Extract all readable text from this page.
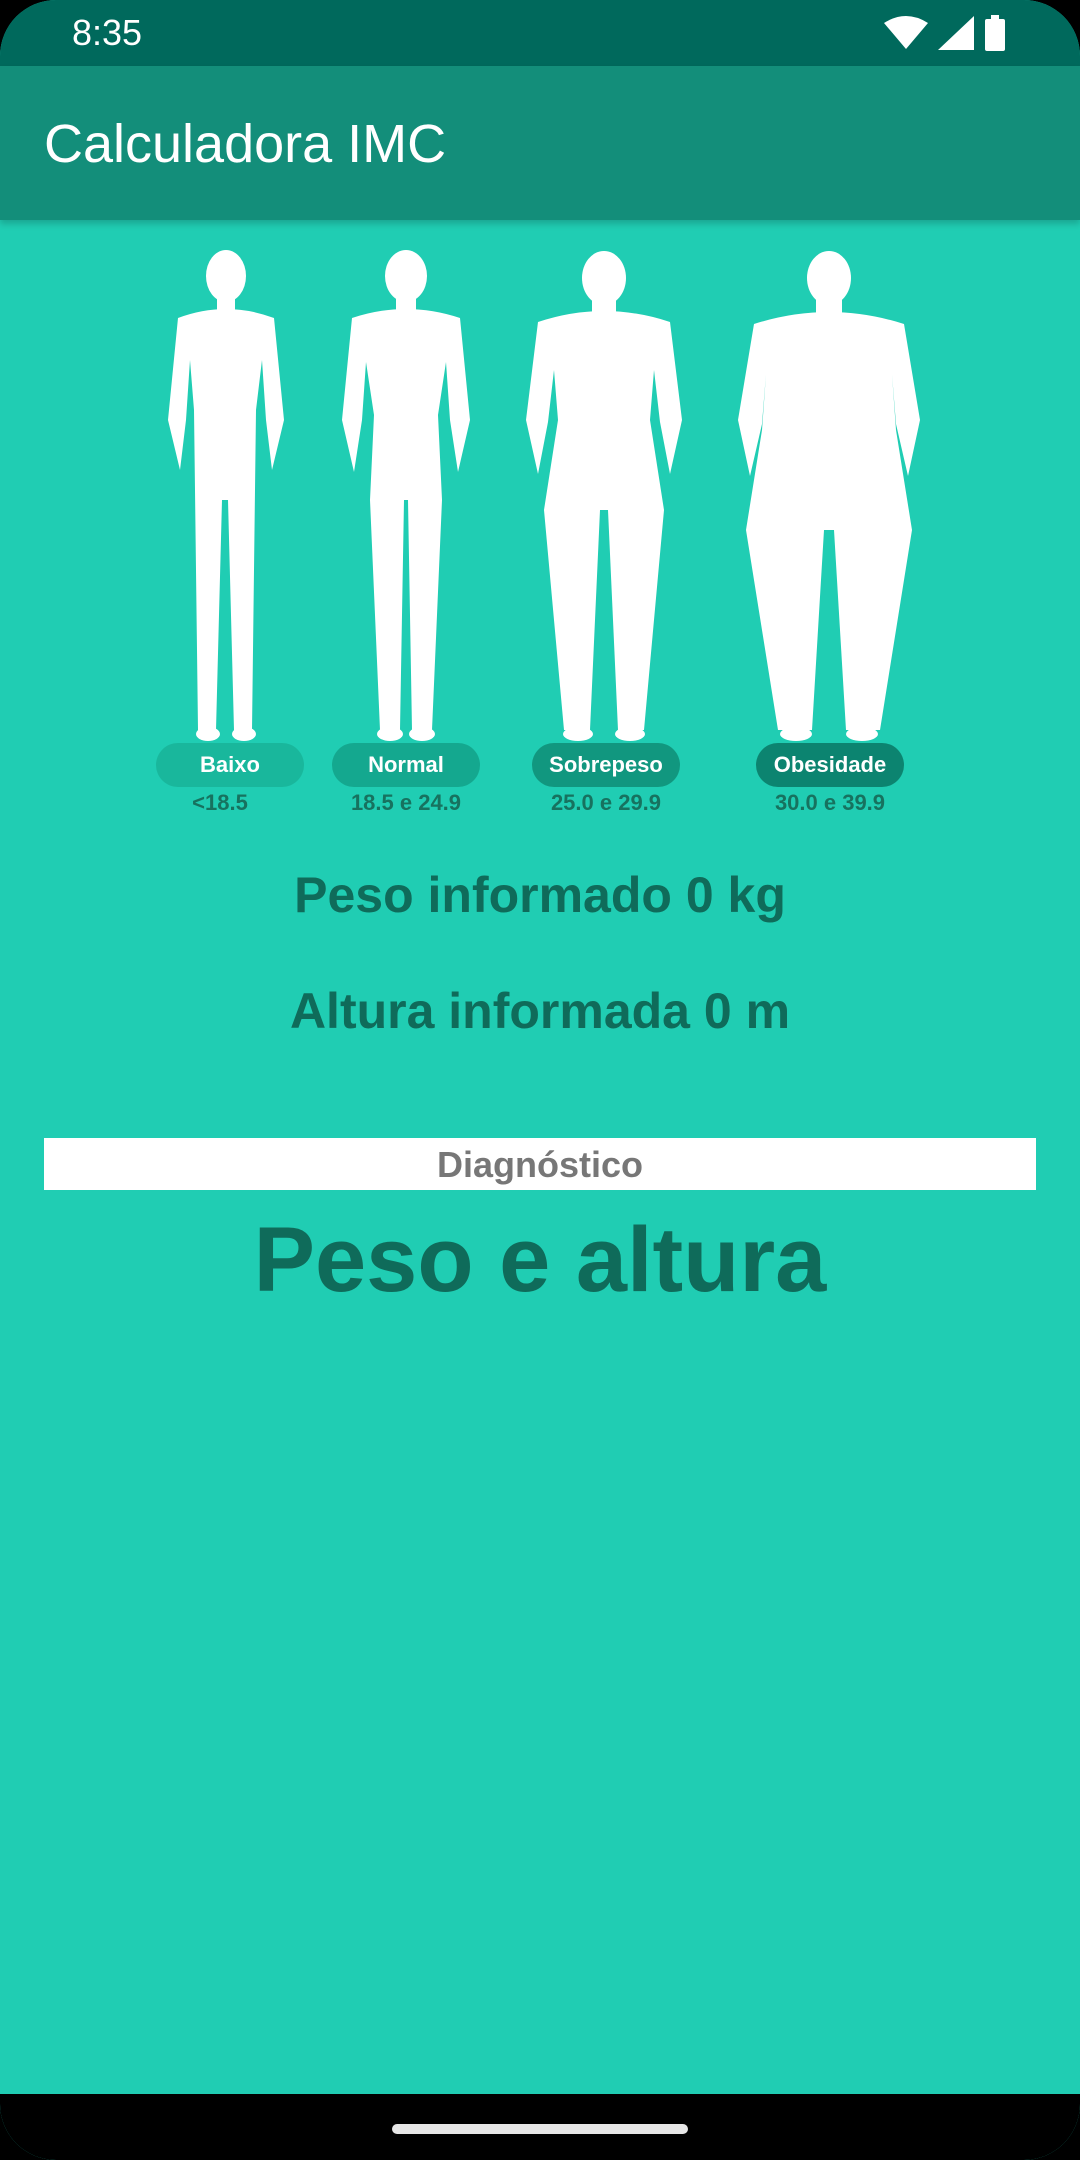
8:35
Calculadora IMC
Baixo	Normal	Sobrepeso	Obesidade
<18.5	18.5 e 24.9	25.0 e 29.9	30.0 e 39.9
Peso informado 0 kg
Altura informada 0 m
Diagnóstico
Peso e altura
